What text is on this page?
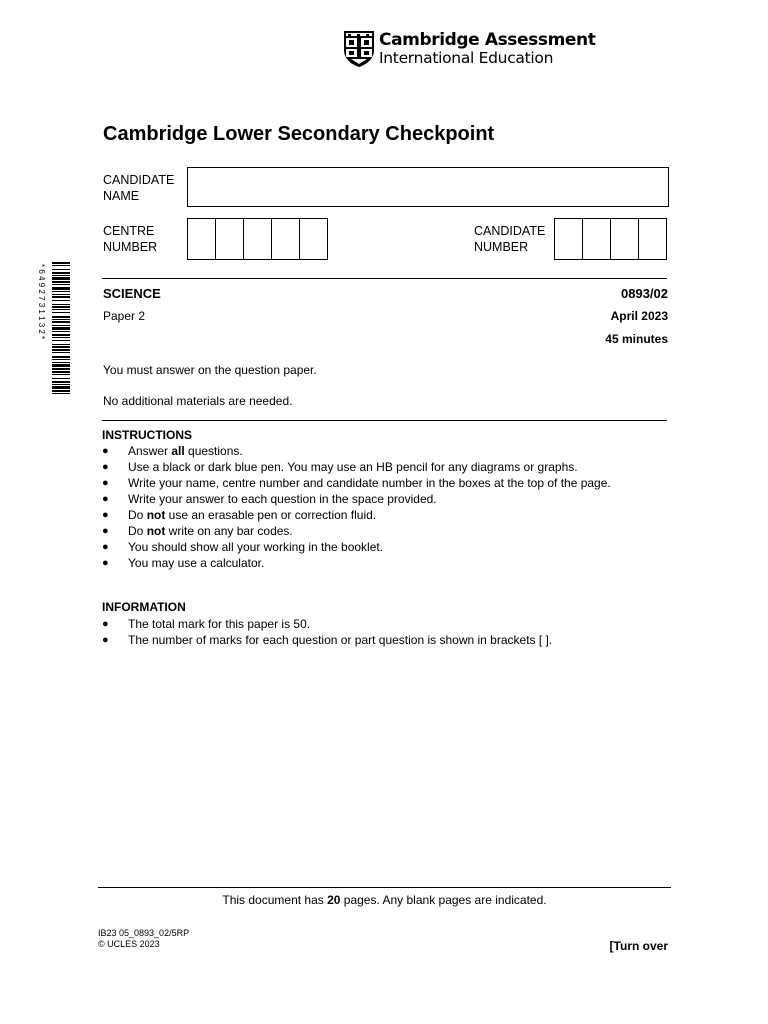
Cambridge Assessment
International Education
Cambridge Lower Secondary Checkpoint
CANDIDATE
NAME
CENTRE
NUMBER
CANDIDATE
NUMBER
* 6 4 9 2 7 3 1 1 3 2 *	SCIENCE
Paper 2
0893/02
April 2023
45 minutes
You must answer on the question paper.
No additional materials are needed.
INSTRUCTIONS
● Answer all questions.
● Use a black or dark blue pen. You may use an HB pencil for any diagrams or graphs.
● Write your name, centre number and candidate number in the boxes at the top of the page.
● Write your answer to each question in the space provided.
● Do not use an erasable pen or correction fluid.
● Do not write on any bar codes.
● You should show all your working in the booklet.
● You may use a calculator.
INFORMATION
● The total mark for this paper is 50.
● The number of marks for each question or part question is shown in brackets [ ].
This document has 20 pages. Any blank pages are indicated.
IB23 05_0893_02/5RP
© UCLES 2023	[Turn over
